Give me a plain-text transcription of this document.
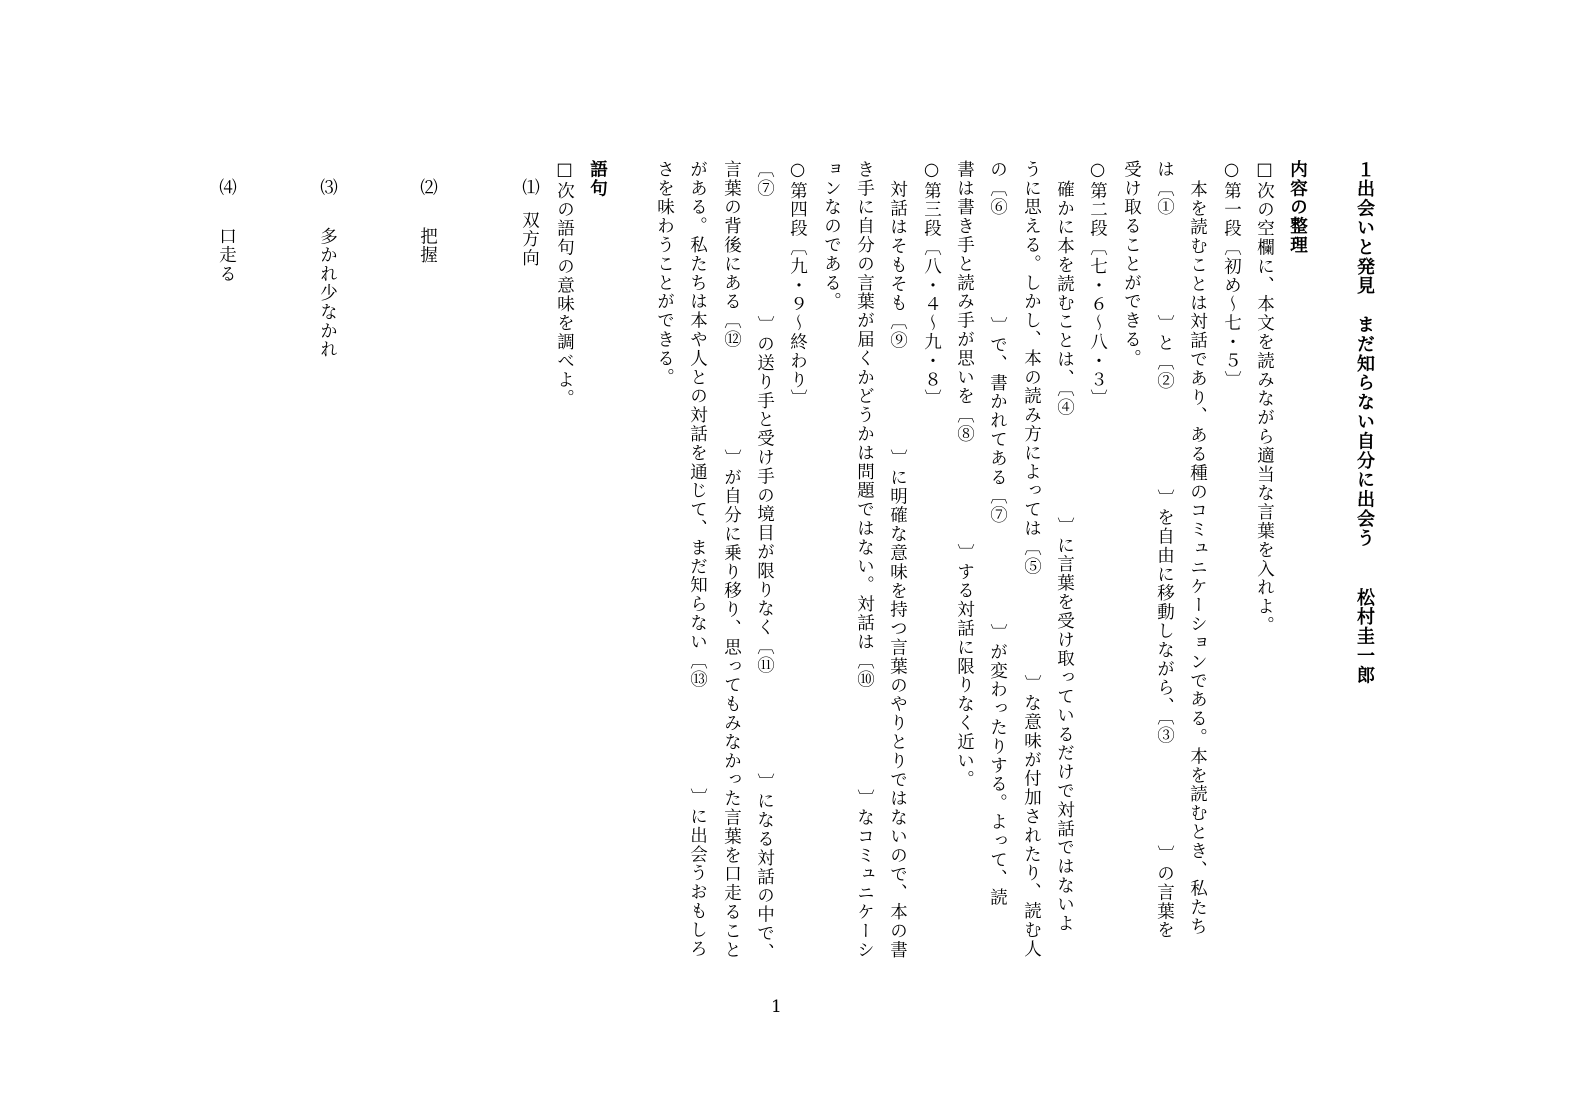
１出会いと発見　まだ知らない自分に出会う松村圭一郎
内容の整理
□次の空欄に、本文を読みながら適当な言葉を入れよ。
○第一段〔初め～七・５〕
本を読むことは対話であり、ある種のコミュニケーションである。本を読むとき、私たち
は〔①〕と〔②〕を自由に移動しながら、〔③〕の言葉を
受け取ることができる。
○第二段〔七・６～八・３〕
確かに本を読むことは、〔④〕に言葉を受け取っているだけで対話ではないよ
うに思える。しかし、本の読み方によっては〔⑤〕な意味が付加されたり、読む人
の〔⑥〕で、書かれてある〔⑦〕が変わったりする。よって、読
書は書き手と読み手が思いを〔⑧〕する対話に限りなく近い。
○第三段〔八・４～九・８〕
対話はそもそも〔⑨〕に明確な意味を持つ言葉のやりとりではないので、本の書
き手に自分の言葉が届くかどうかは問題ではない。対話は〔⑩〕なコミュニケーシ
ョンなのである。
○第四段〔九・９～終わり〕
〔⑦〕の送り手と受け手の境目が限りなく〔⑪〕になる対話の中で、
言葉の背後にある〔⑫〕が自分に乗り移り、思ってもみなかった言葉を口走ること
がある。私たちは本や人との対話を通じて、まだ知らない〔⑬〕に出会うおもしろ
さを味わうことができる。
語句
□次の語句の意味を調べよ。
⑴双方向
⑵把握
⑶多かれ少なかれ
⑷口走る
1
